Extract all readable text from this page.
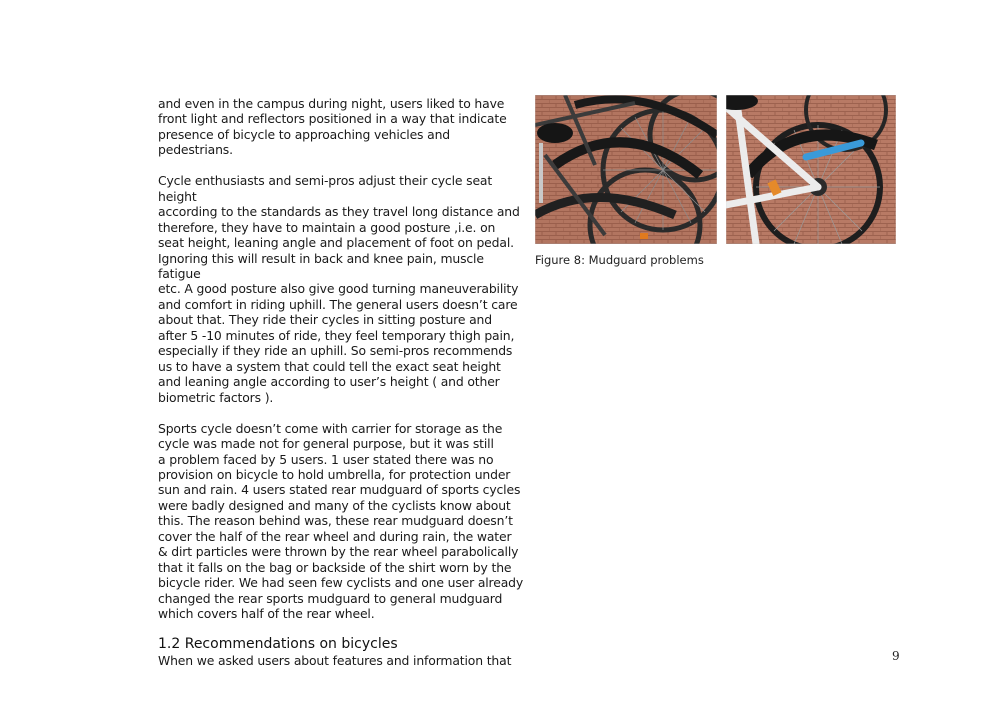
and even in the campus during night, users liked to have
front light and reflectors positioned in a way that indicate
presence of bicycle to approaching vehicles and pedestrians.

Cycle enthusiasts and semi-pros adjust their cycle seat height
according to the standards as they travel long distance and
therefore, they have to maintain a good posture ,i.e. on
seat height, leaning angle and placement of foot on pedal.
Ignoring this will result in back and knee pain, muscle fatigue
etc. A good posture also give good turning maneuverability
and comfort in riding uphill. The general users doesn’t care
about that. They ride their cycles in sitting posture and
after 5 -10 minutes of ride, they feel temporary thigh pain,
especially if they ride an uphill. So semi-pros recommends
us to have a system that could tell the exact seat height
and leaning angle according to user’s height ( and other
biometric factors ).

Sports cycle doesn’t come with carrier for storage as the
cycle was made not for general purpose, but it was still
a problem faced by 5 users. 1 user stated there was no
provision on bicycle to hold umbrella, for protection under
sun and rain. 4 users stated rear mudguard of sports cycles
were badly designed and many of the cyclists know about
this. The reason behind was, these rear mudguard doesn’t
cover the half of the rear wheel and during rain, the water
& dirt particles were thrown by the rear wheel parabolically
that it falls on the bag or backside of the shirt worn by the
bicycle rider. We had seen few cyclists and one user already
changed the rear sports mudguard to general mudguard
which covers half of the rear wheel.

1.2 Recommendations on bicycles

When we asked users about features and information that

Figure 8: Mudguard problems
9
